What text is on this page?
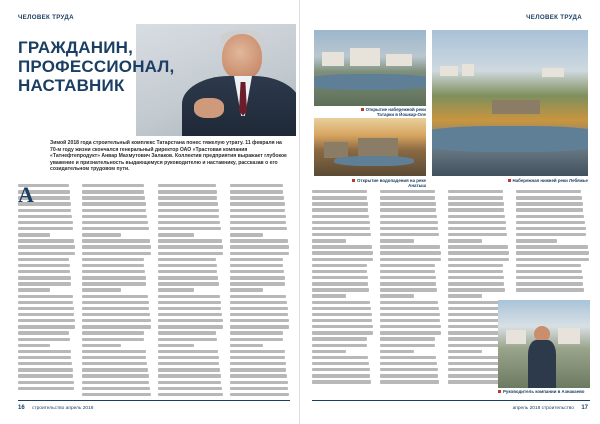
ЧЕЛОВЕК ТРУДА
ГРАЖДАНИН, ПРОФЕССИОНАЛ, НАСТАВНИК
Зимой 2018 года строительный комплекс Татарстана понес тяжелую утрату. 11 февраля на 70-м году жизни скончался генеральный директор ОАО «Трастовая компания «Татнефтепродукт» Анвар Махмутович Залаков. Коллектив предприятия выражает глубокое уважение и признательность выдающемуся руководителю и наставнику, рассказав о его созидательном трудовом пути.
А
16 строительство апрель 2018
ЧЕЛОВЕК ТРУДА
Открытие набережной реки Татарки в Йошкар-Оле
Открытие водопадения на реке Анатыш
Набережная нижней реки Лебяжье
Руководитель компании в Азнакаево
апрель 2018 строительство 17
